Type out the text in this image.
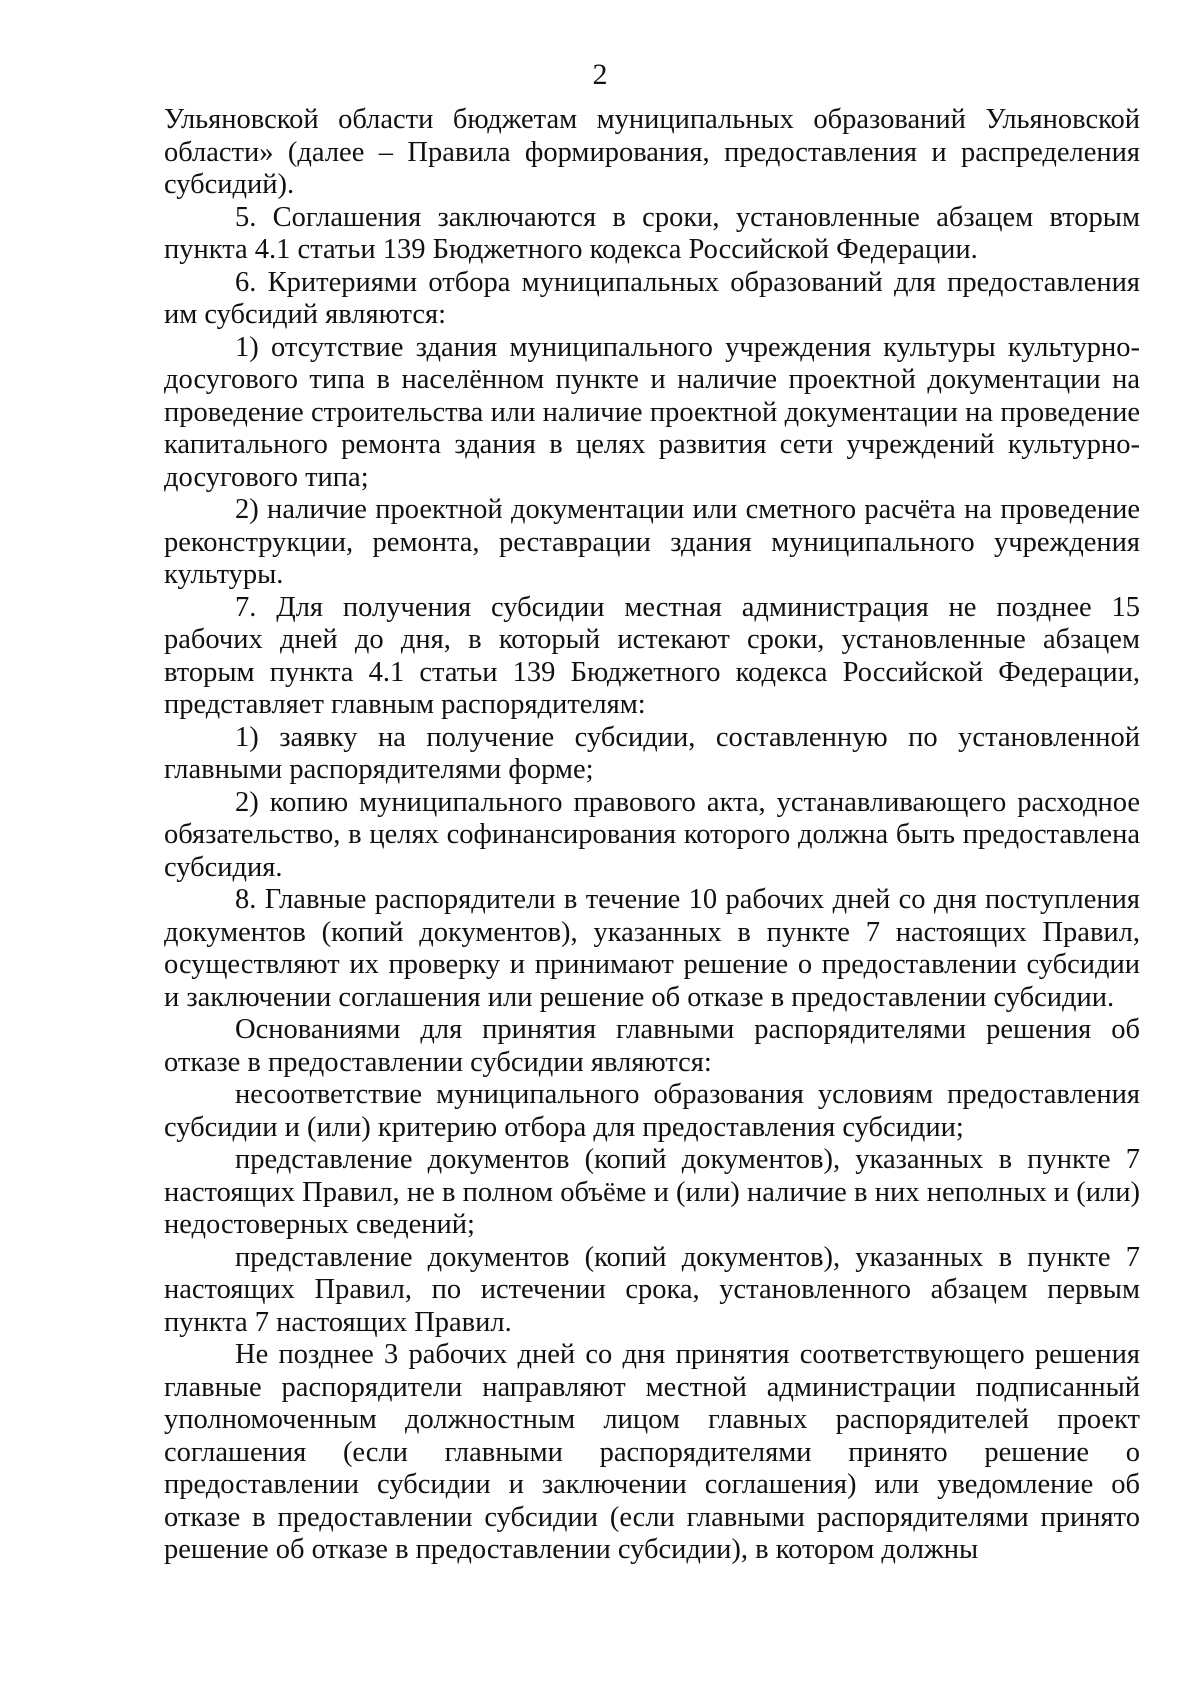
2

Ульяновской области бюджетам муниципальных образований Ульяновской области» (далее – Правила формирования, предоставления и распределения субсидий).

5. Соглашения заключаются в сроки, установленные абзацем вторым пункта 4.1 статьи 139 Бюджетного кодекса Российской Федерации.

6. Критериями отбора муниципальных образований для предоставления им субсидий являются:

1) отсутствие здания муниципального учреждения культуры культурно-досугового типа в населённом пункте и наличие проектной документации на проведение строительства или наличие проектной документации на проведение капитального ремонта здания в целях развития сети учреждений культурно-досугового типа;

2) наличие проектной документации или сметного расчёта на проведение реконструкции, ремонта, реставрации здания муниципального учреждения культуры.

7. Для получения субсидии местная администрация не позднее 15 рабочих дней до дня, в который истекают сроки, установленные абзацем вторым пункта 4.1 статьи 139 Бюджетного кодекса Российской Федерации, представляет главным распорядителям:

1) заявку на получение субсидии, составленную по установленной главными распорядителями форме;

2) копию муниципального правового акта, устанавливающего расходное обязательство, в целях софинансирования которого должна быть предоставлена субсидия.

8. Главные распорядители в течение 10 рабочих дней со дня поступления документов (копий документов), указанных в пункте 7 настоящих Правил, осуществляют их проверку и принимают решение о предоставлении субсидии и заключении соглашения или решение об отказе в предоставлении субсидии.

Основаниями для принятия главными распорядителями решения об отказе в предоставлении субсидии являются:

несоответствие муниципального образования условиям предоставления субсидии и (или) критерию отбора для предоставления субсидии;

представление документов (копий документов), указанных в пункте 7 настоящих Правил, не в полном объёме и (или) наличие в них неполных и (или) недостоверных сведений;

представление документов (копий документов), указанных в пункте 7 настоящих Правил, по истечении срока, установленного абзацем первым пункта 7 настоящих Правил.

Не позднее 3 рабочих дней со дня принятия соответствующего решения главные распорядители направляют местной администрации подписанный уполномоченным должностным лицом главных распорядителей проект соглашения (если главными распорядителями принято решение о предоставлении субсидии и заключении соглашения) или уведомление об отказе в предоставлении субсидии (если главными распорядителями принято решение об отказе в предоставлении субсидии), в котором должны
